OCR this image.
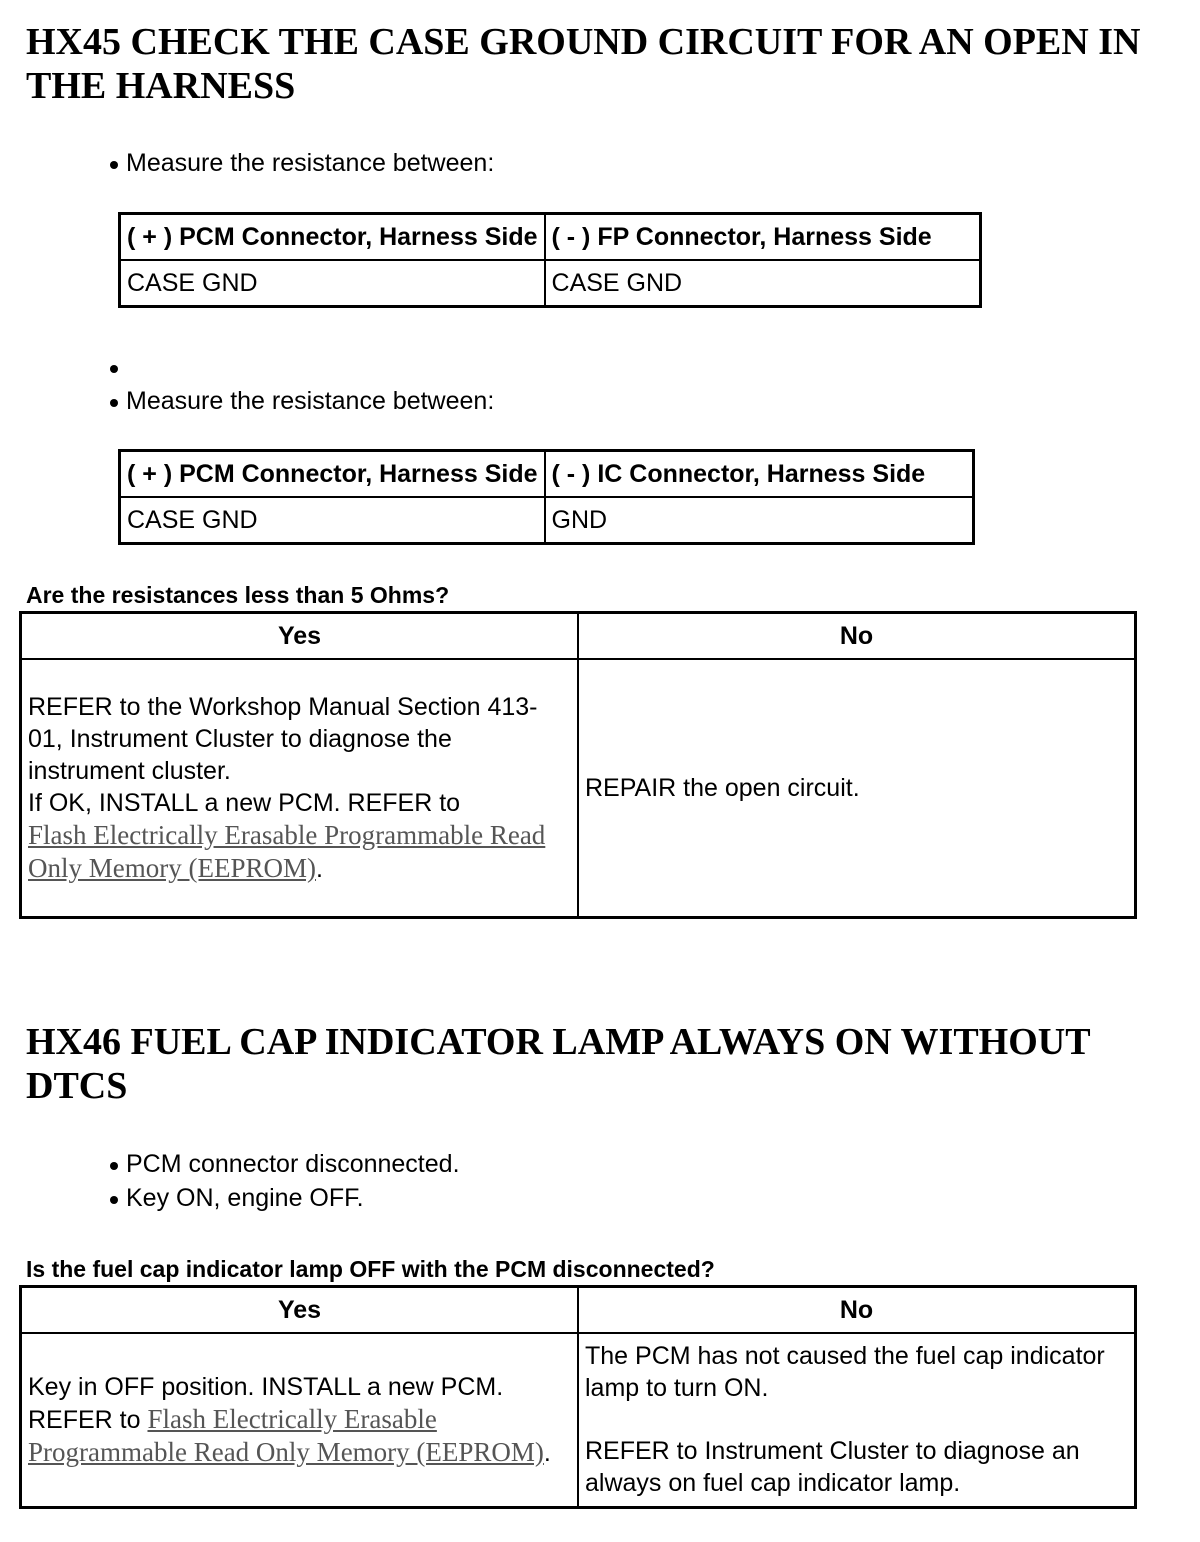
HX45 CHECK THE CASE GROUND CIRCUIT FOR AN OPEN IN THE HARNESS
Measure the resistance between:
( + ) PCM Connector, Harness Side	( - ) FP Connector, Harness Side
CASE GND	CASE GND
Measure the resistance between:
( + ) PCM Connector, Harness Side	( - ) IC Connector, Harness Side
CASE GND	GND

Are the resistances less than 5 Ohms?

Yes	No
REFER to the Workshop Manual Section 413-01, Instrument Cluster to diagnose the instrument cluster.
If OK, INSTALL a new PCM. REFER to
Flash Electrically Erasable Programmable Read Only Memory (EEPROM).	REPAIR the open circuit.
HX46 FUEL CAP INDICATOR LAMP ALWAYS ON WITHOUT DTCS
PCM connector disconnected.
Key ON, engine OFF.

Is the fuel cap indicator lamp OFF with the PCM disconnected?

Yes	No
Key in OFF position. INSTALL a new PCM. REFER to Flash Electrically Erasable Programmable Read Only Memory (EEPROM).	The PCM has not caused the fuel cap indicator lamp to turn ON.
REFER to Instrument Cluster to diagnose an always on fuel cap indicator lamp.
